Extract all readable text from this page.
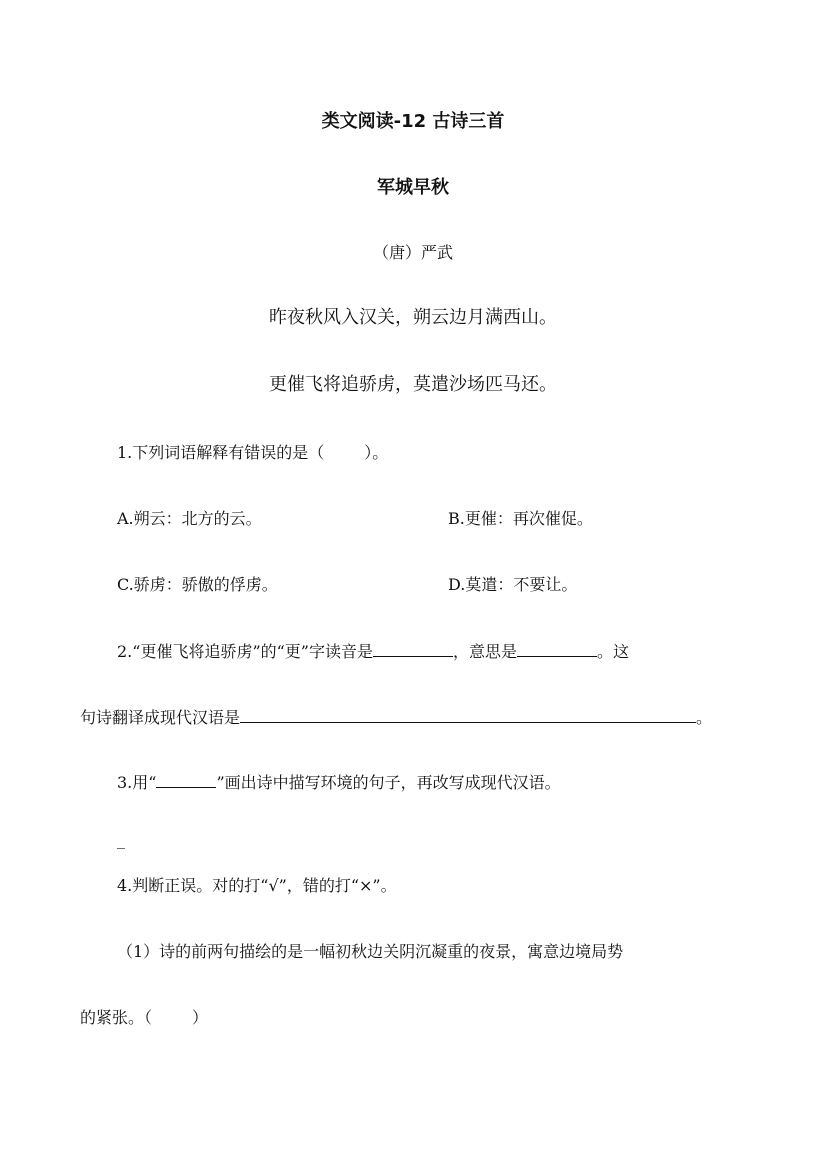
类文阅读-12 古诗三首
军城早秋
（唐）严武
昨夜秋风入汉关，朔云边月满西山。
更催飞将追骄虏，莫遣沙场匹马还。
1.下列词语解释有错误的是（	）。
A.朔云：北方的云。	B.更催：再次催促。
C.骄虏：骄傲的俘虏。	D.莫遣：不要让。
2.“更催飞将追骄虏”的“更”字读音是	，意思是	。这
句诗翻译成现代汉语是	。
3.用“	”画出诗中描写环境的句子，再改写成现代汉语。
_
4.判断正误。对的打“√”，错的打“×”。
（1）诗的前两句描绘的是一幅初秋边关阴沉凝重的夜景，寓意边境局势
的紧张。（	）
